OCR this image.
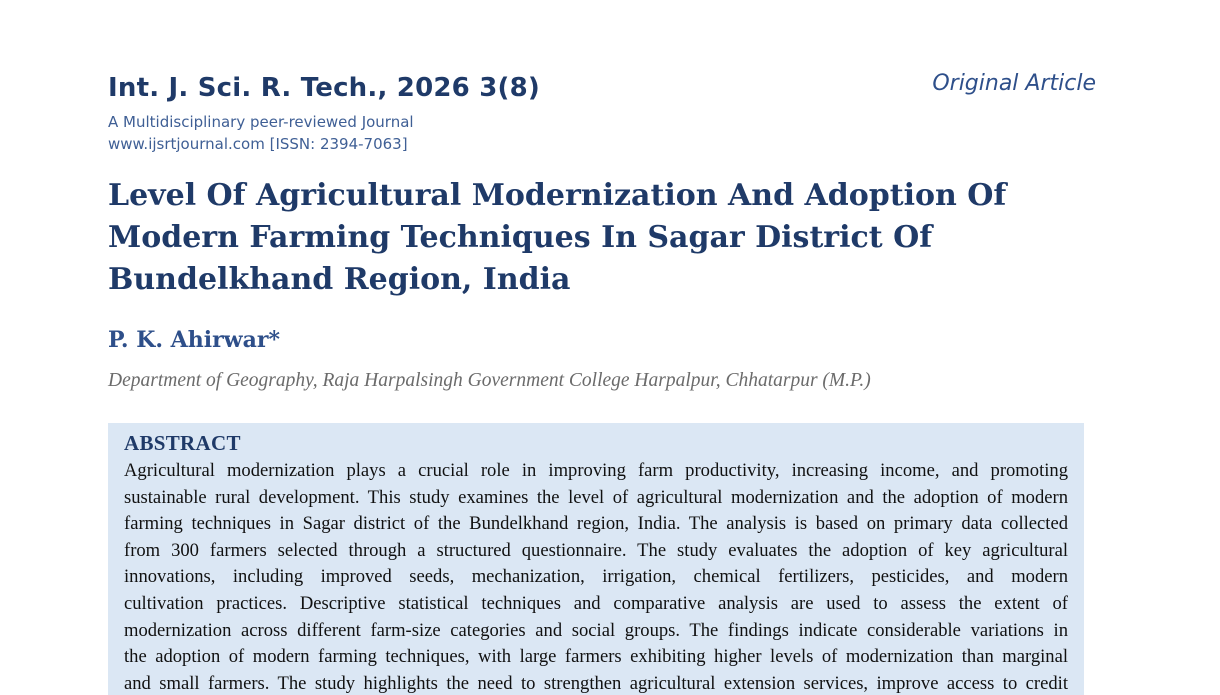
Int. J. Sci. R. Tech., 2026 3(8)	Original Article
A Multidisciplinary peer-reviewed Journal
www.ijsrtjournal.com [ISSN: 2394-7063]
Level Of Agricultural Modernization And Adoption Of
Modern Farming Techniques In Sagar District Of
Bundelkhand Region, India
P. K. Ahirwar*
Department of Geography, Raja Harpalsingh Government College Harpalpur, Chhatarpur (M.P.)
ABSTRACT
Agricultural modernization plays a crucial role in improving farm productivity, increasing income, and promoting
sustainable rural development. This study examines the level of agricultural modernization and the adoption of modern
farming techniques in Sagar district of the Bundelkhand region, India. The analysis is based on primary data collected
from 300 farmers selected through a structured questionnaire. The study evaluates the adoption of key agricultural
innovations, including improved seeds, mechanization, irrigation, chemical fertilizers, pesticides, and modern
cultivation practices. Descriptive statistical techniques and comparative analysis are used to assess the extent of
modernization across different farm-size categories and social groups. The findings indicate considerable variations in
the adoption of modern farming techniques, with large farmers exhibiting higher levels of modernization than marginal
and small farmers. The study highlights the need to strengthen agricultural extension services, improve access to credit
